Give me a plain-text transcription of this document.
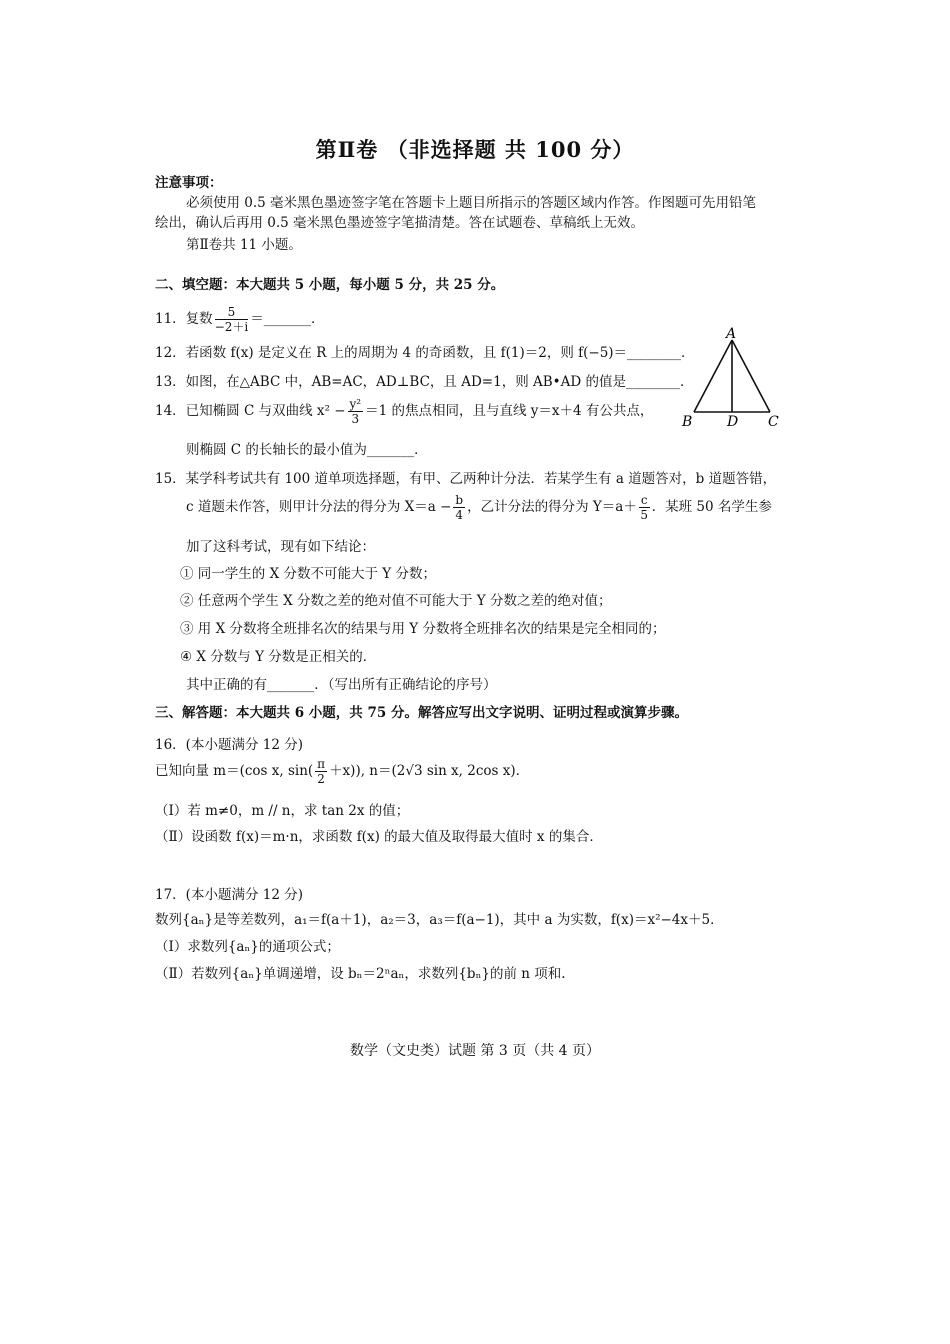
第Ⅱ卷 （非选择题 共 100 分）
注意事项：
必须使用 0.5 毫米黑色墨迹签字笔在答题卡上题目所指示的答题区域内作答。作图题可先用铅笔
绘出，确认后再用 0.5 毫米黑色墨迹签字笔描清楚。答在试题卷、草稿纸上无效。
第Ⅱ卷共 11 小题。
二、填空题：本大题共 5 小题，每小题 5 分，共 25 分。
11．复数 $\frac{5}{-2+i}$ ＝_______．
12．若函数 f(x) 是定义在 R 上的周期为 4 的奇函数，且 f(1)＝2，则 f(−5)＝________．
13．如图，在△ABC 中，AB=AC，AD⊥BC，且 AD=1，则 AB•AD 的值是________．
14．已知椭圆 C 与双曲线 $x^2 - \frac{\text{y²}}{3} =1$ 的焦点相同，且与直线 y＝x＋4 有公共点，
则椭圆 C 的长轴长的最小值为_______．
A
B D C
15．某学科考试共有 100 道单项选择题，有甲、乙两种计分法．若某学生有 a 道题答对，b 道题答错，
c 道题未作答，则甲计分法的得分为 $X=a - \frac{b}{4}$ ，乙计分法的得分为 $Y=a+ \frac{c}{5}$ ．某班 50 名学生参
加了这科考试，现有如下结论：
① 同一学生的 X 分数不可能大于 Y 分数；
② 任意两个学生 X 分数之差的绝对值不可能大于 Y 分数之差的绝对值；
③ 用 X 分数将全班排名次的结果与用 Y 分数将全班排名次的结果是完全相同的；
④ X 分数与 Y 分数是正相关的．
其中正确的有_______．（写出所有正确结论的序号）
三、解答题：本大题共 6 小题，共 75 分。解答应写出文字说明、证明过程或演算步骤。
16．(本小题满分 12 分)
已知向量 m＝(cos x, $\sin( \frac{\pi}{2} +x)$), n＝(2√3 sin x, 2cos x)．
（Ⅰ）若 m≠0，m // n，求 tan 2x 的值；
（Ⅱ）设函数 f(x)＝m·n，求函数 f(x) 的最大值及取得最大值时 x 的集合．
17．(本小题满分 12 分)
数列{aₙ}是等差数列，a₁＝f(a＋1)，a₂＝3，a₃＝f(a−1)，其中 a 为实数，f(x)＝x²−4x＋5．
（Ⅰ）求数列{aₙ}的通项公式；
（Ⅱ）若数列{aₙ}单调递增，设 bₙ＝2ⁿaₙ，求数列{bₙ}的前 n 项和.
数学（文史类）试题 第 3 页（共 4 页）
